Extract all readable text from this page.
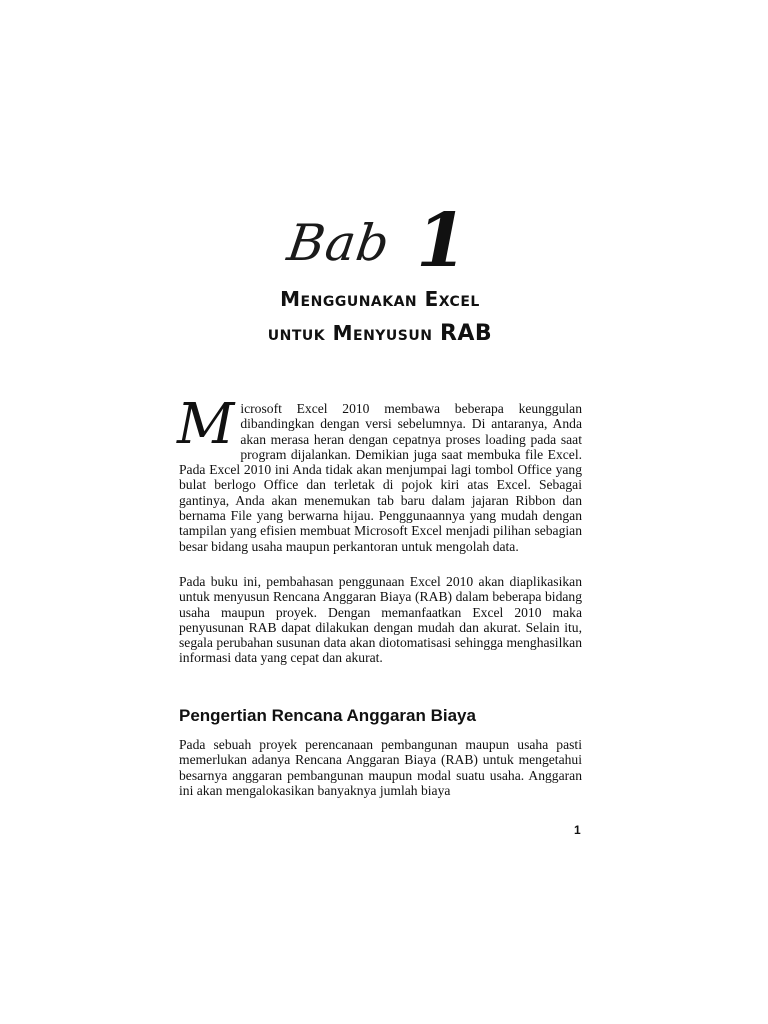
Bab 1
Menggunakan Excel
untuk Menyusun RAB

Microsoft Excel 2010 membawa beberapa keunggulan dibandingkan dengan versi sebelumnya. Di antaranya, Anda akan merasa heran dengan cepatnya proses loading pada saat program dijalankan. Demikian juga saat membuka file Excel. Pada Excel 2010 ini Anda tidak akan menjumpai lagi tombol Office yang bulat berlogo Office dan terletak di pojok kiri atas Excel. Sebagai gantinya, Anda akan menemukan tab baru dalam jajaran Ribbon dan bernama File yang berwarna hijau. Penggunaannya yang mudah dengan tampilan yang efisien membuat Microsoft Excel menjadi pilihan sebagian besar bidang usaha maupun perkantoran untuk mengolah data.

Pada buku ini, pembahasan penggunaan Excel 2010 akan diaplikasikan untuk menyusun Rencana Anggaran Biaya (RAB) dalam beberapa bidang usaha maupun proyek. Dengan memanfaatkan Excel 2010 maka penyusunan RAB dapat dilakukan dengan mudah dan akurat. Selain itu, segala perubahan susunan data akan diotomatisasi sehingga menghasilkan informasi data yang cepat dan akurat.

Pengertian Rencana Anggaran Biaya

Pada sebuah proyek perencanaan pembangunan maupun usaha pasti memerlukan adanya Rencana Anggaran Biaya (RAB) untuk mengetahui besarnya anggaran pembangunan maupun modal suatu usaha. Anggaran ini akan mengalokasikan banyaknya jumlah biaya

1
